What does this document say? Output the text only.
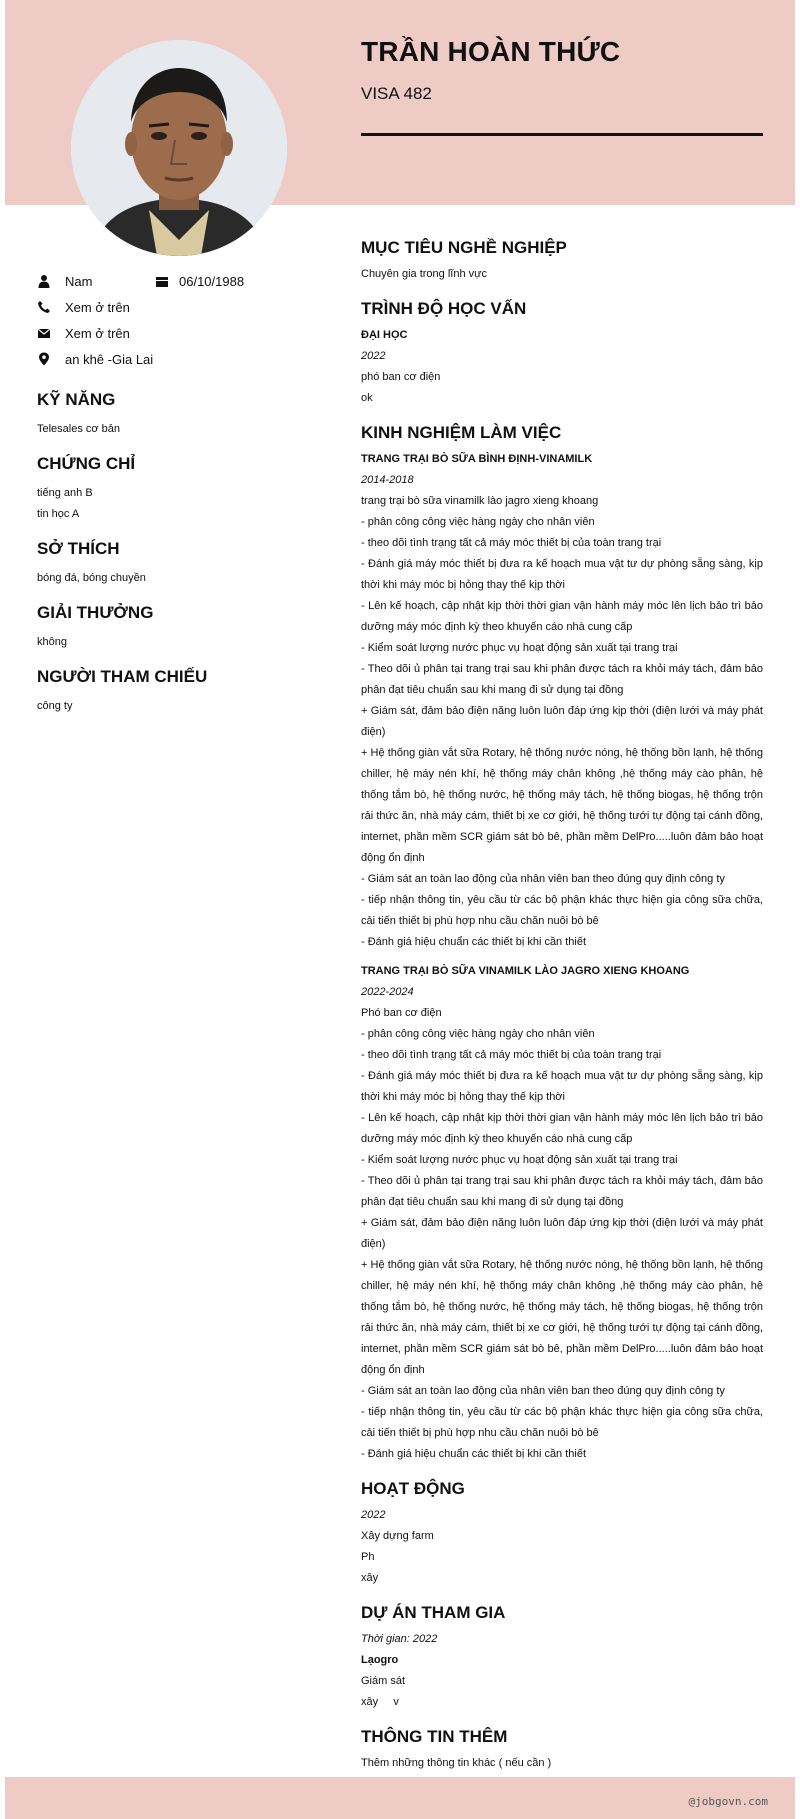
TRẦN HOÀN THỨC
VISA 482
Nam	06/10/1988
Xem ở trên
Xem ở trên
an khê -Gia Lai
KỸ NĂNG
Telesales cơ bản
CHỨNG CHỈ
tiếng anh B
tin học A
SỞ THÍCH
bóng đá, bóng chuyền
GIẢI THƯỞNG
không
NGƯỜI THAM CHIẾU
công ty
MỤC TIÊU NGHỀ NGHIỆP
Chuyên gia trong lĩnh vực
TRÌNH ĐỘ HỌC VẤN
ĐẠI HỌC
2022
phó ban cơ điện
ok
KINH NGHIỆM LÀM VIỆC
TRANG TRẠI BÒ SỮA BÌNH ĐỊNH-VINAMILK
2014-2018
trang trại bò sữa vinamilk lào jagro xieng khoang
- phân công công việc hàng ngày cho nhân viên
- theo dõi tình trạng tất cả máy móc thiết bị của toàn trang trại
- Đánh giá máy móc thiết bị đưa ra kế hoạch mua vật tư dự phòng sẵng sàng, kịp thời khi máy móc bị hỏng thay thế kịp thời
- Lên kế hoạch, cập nhật kịp thời thời gian vận hành máy móc lên lịch bảo trì bảo dưỡng máy móc định kỳ theo khuyến cáo nhà cung cấp
- Kiểm soát lượng nước phục vụ hoạt động sản xuất tại trang trại
- Theo dõi ủ phân tại trang trại sau khi phân được tách ra khỏi máy tách, đảm bảo phân đạt tiêu chuẩn sau khi mang đi sử dụng tại đồng
+ Giám sát, đảm bảo điện năng luôn luôn đáp ứng kịp thời (điện lưới và máy phát điện)
+ Hệ thống giàn vắt sữa Rotary, hệ thống nước nóng, hệ thống bồn lạnh, hệ thống chiller, hệ máy nén khí, hệ thống máy chân không ,hệ thống máy cào phân, hệ thống tắm bò, hệ thống nước, hệ thống máy tách, hệ thống biogas, hệ thống trộn rải thức ăn, nhà máy cám, thiết bị xe cơ giới, hệ thống tưới tự động tại cánh đồng, internet, phần mềm SCR giám sát bò bê, phần mềm DelPro.....luôn đảm bảo hoạt động ổn định
- Giám sát an toàn lao động của nhân viên ban theo đúng quy định công ty
- tiếp nhận thông tin, yêu cầu từ các bộ phận khác thực hiện gia công sữa chữa, cải tiến thiết bị phù hợp nhu cầu chăn nuôi bò bê
- Đánh giá hiệu chuẩn các thiết bị khi cần thiết
TRANG TRẠI BÒ SỮA VINAMILK LÀO JAGRO XIENG KHOANG
2022-2024
Phó ban cơ điện
- phân công công việc hàng ngày cho nhân viên
- theo dõi tình trạng tất cả máy móc thiết bị của toàn trang trại
- Đánh giá máy móc thiết bị đưa ra kế hoạch mua vật tư dự phòng sẵng sàng, kịp thời khi máy móc bị hỏng thay thế kịp thời
- Lên kế hoạch, cập nhật kịp thời thời gian vận hành máy móc lên lịch bảo trì bảo dưỡng máy móc định kỳ theo khuyến cáo nhà cung cấp
- Kiểm soát lượng nước phục vụ hoạt động sản xuất tại trang trại
- Theo dõi ủ phân tại trang trại sau khi phân được tách ra khỏi máy tách, đảm bảo phân đạt tiêu chuẩn sau khi mang đi sử dụng tại đồng
+ Giám sát, đảm bảo điện năng luôn luôn đáp ứng kịp thời (điện lưới và máy phát điện)
+ Hệ thống giàn vắt sữa Rotary, hệ thống nước nóng, hệ thống bồn lạnh, hệ thống chiller, hệ máy nén khí, hệ thống máy chân không ,hệ thống máy cào phân, hệ thống tắm bò, hệ thống nước, hệ thống máy tách, hệ thống biogas, hệ thống trộn rải thức ăn, nhà máy cám, thiết bị xe cơ giới, hệ thống tưới tự động tại cánh đồng, internet, phần mềm SCR giám sát bò bê, phần mềm DelPro.....luôn đảm bảo hoạt động ổn định
- Giám sát an toàn lao động của nhân viên ban theo đúng quy định công ty
- tiếp nhận thông tin, yêu cầu từ các bộ phận khác thực hiện gia công sữa chữa, cải tiến thiết bị phù hợp nhu cầu chăn nuôi bò bê
- Đánh giá hiệu chuẩn các thiết bị khi cần thiết
HOẠT ĐỘNG
2022
Xây dựng farm
Ph
xây
DỰ ÁN THAM GIA
Thời gian: 2022
Lạogro
Giám sát
xây     v
THÔNG TIN THÊM
Thêm những thông tin khác ( nếu cần )
@jobgovn.com
